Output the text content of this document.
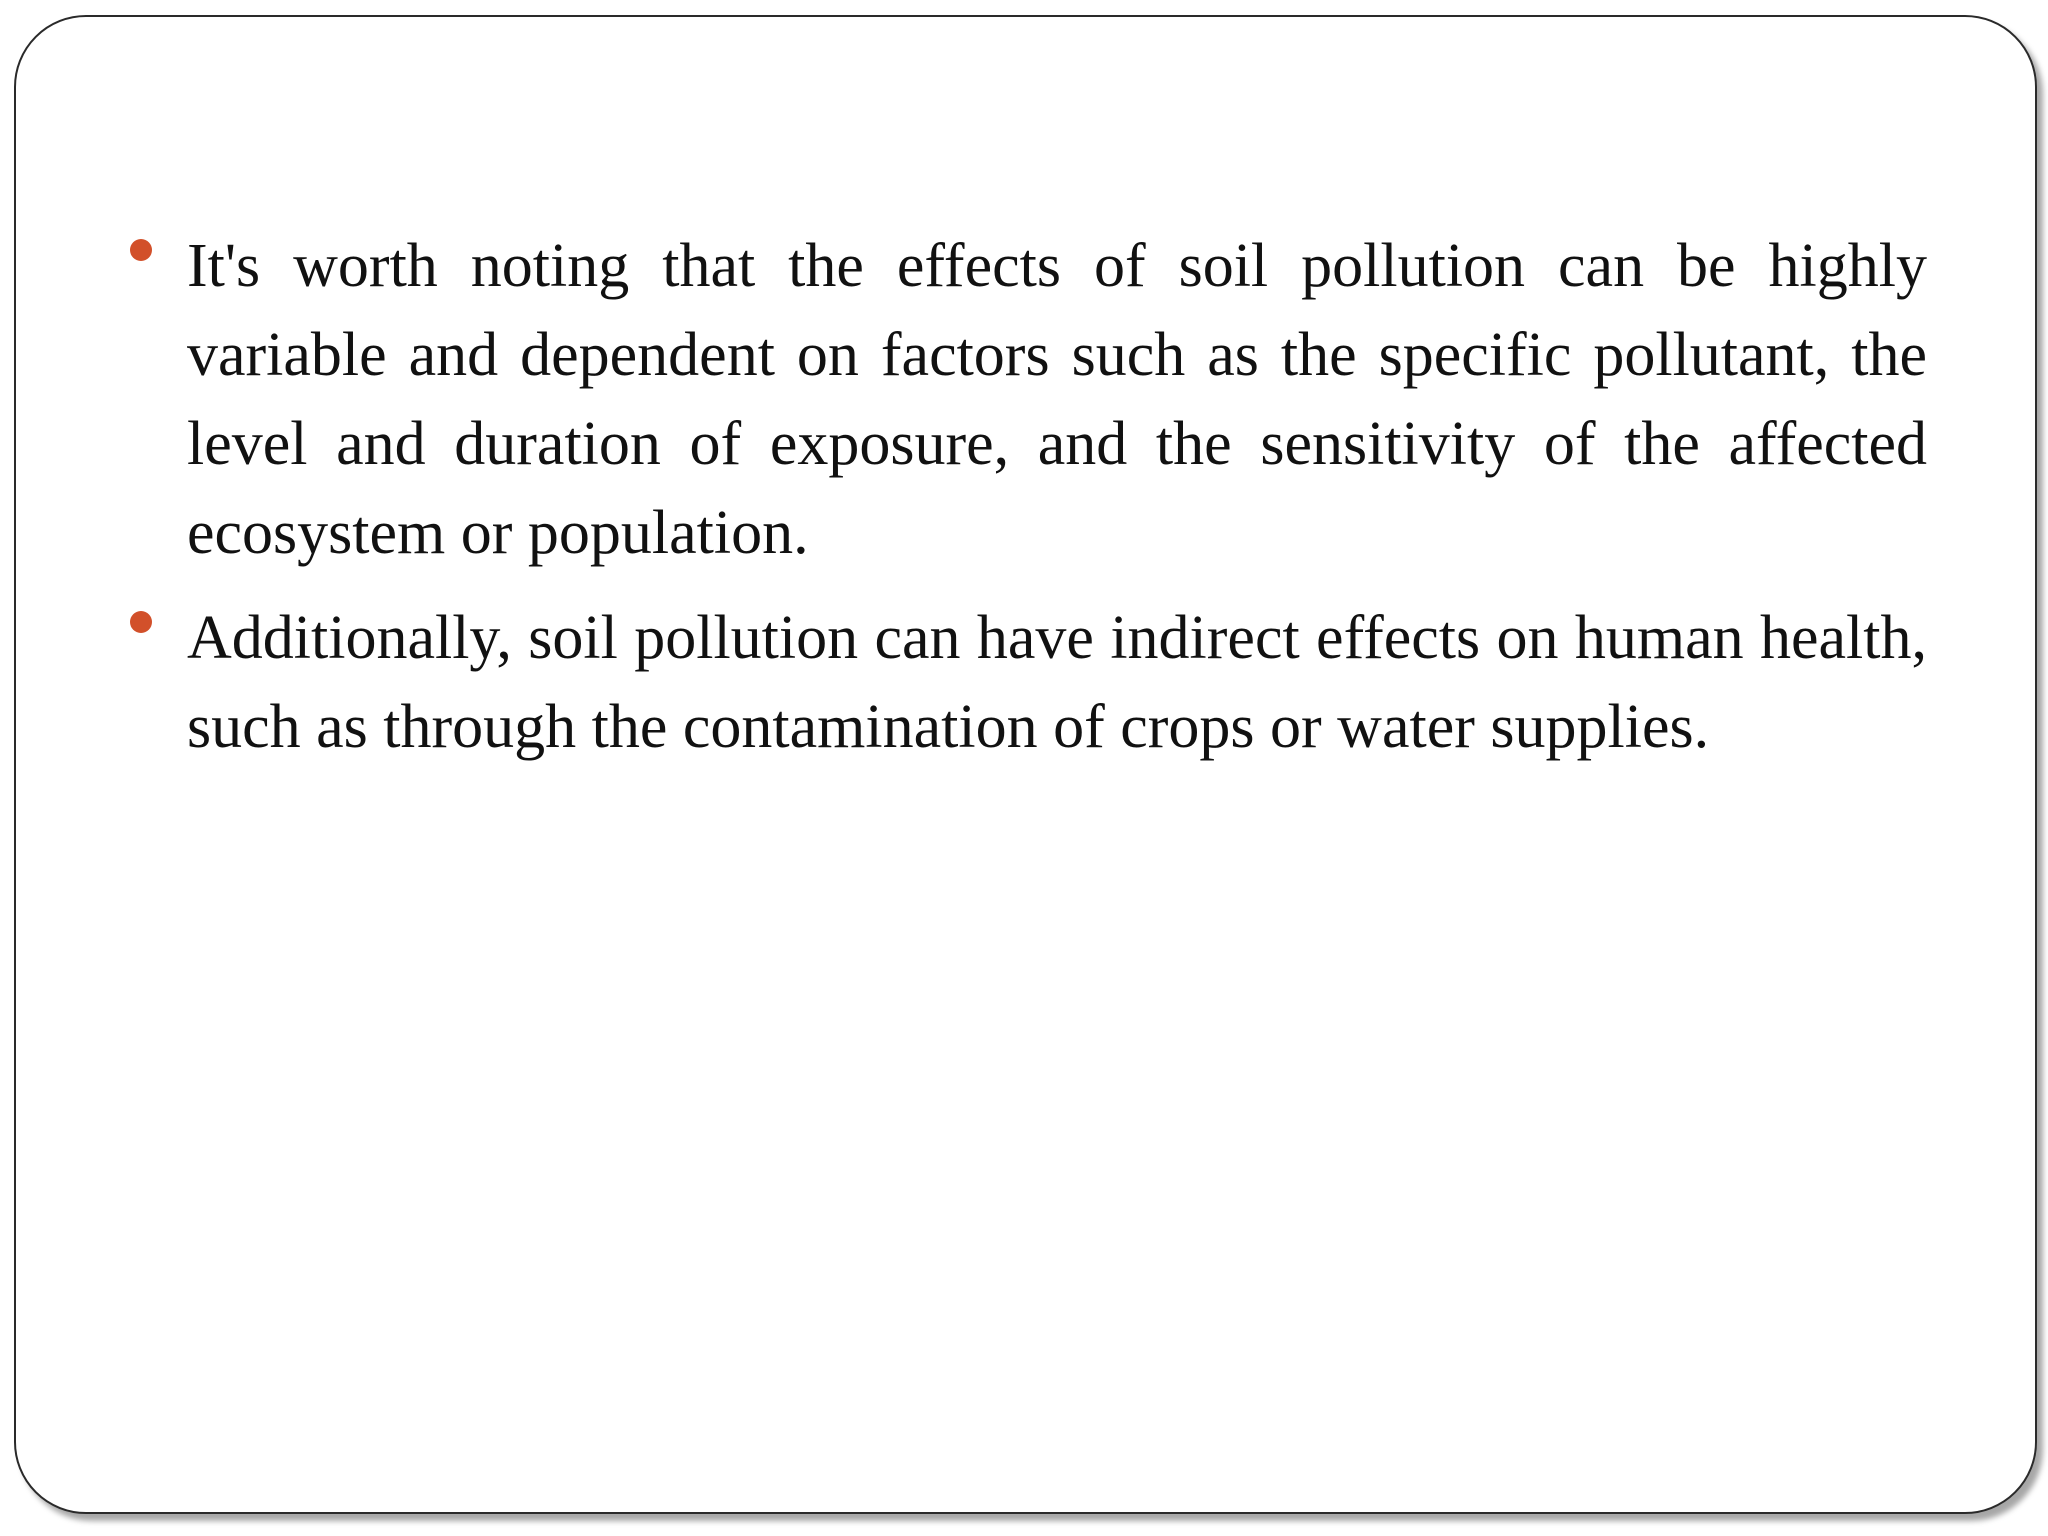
It's worth noting that the effects of soil pollution can be highly variable and dependent on factors such as the specific pollutant, the level and duration of exposure, and the sensitivity of the affected ecosystem or population.
Additionally, soil pollution can have indirect effects on human health, such as through the contamination of crops or water supplies.
